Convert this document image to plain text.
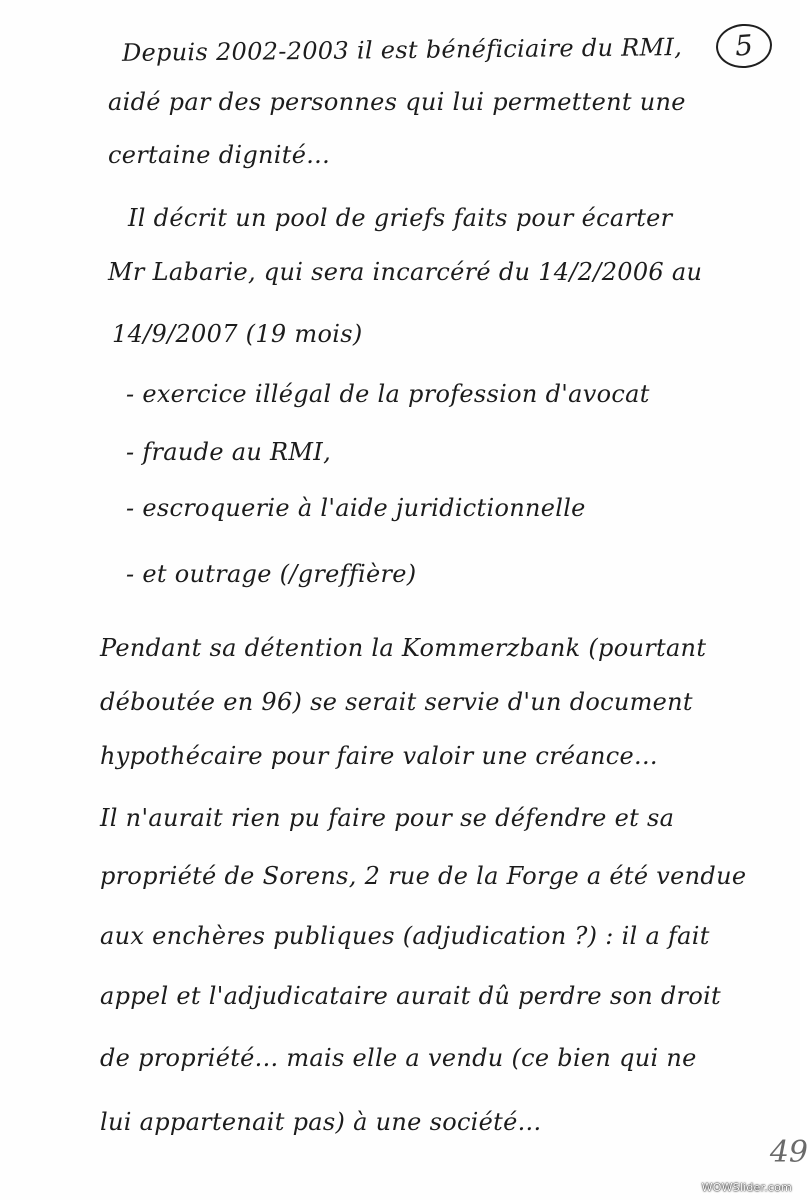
5
Depuis 2002-2003 il est bénéficiaire du RMI,
aidé par des personnes qui lui permettent une
certaine dignité...
Il décrit un pool de griefs faits pour écarter
Mr Labarie, qui sera incarcéré du 14/2/2006 au
14/9/2007 (19 mois)
- exercice illégal de la profession d'avocat
- fraude au RMI,
- escroquerie à l'aide juridictionnelle
- et outrage (/greffière)
Pendant sa détention la Kommerzbank (pourtant
déboutée en 96) se serait servie d'un document
hypothécaire pour faire valoir une créance...
Il n'aurait rien pu faire pour se défendre et sa
propriété de Sorens, 2 rue de la Forge a été vendue
aux enchères publiques (adjudication ?) : il a fait
appel et l'adjudicataire aurait dû perdre son droit
de propriété... mais elle a vendu (ce bien qui ne
lui appartenait pas) à une société...
49
WOWSlider.com
